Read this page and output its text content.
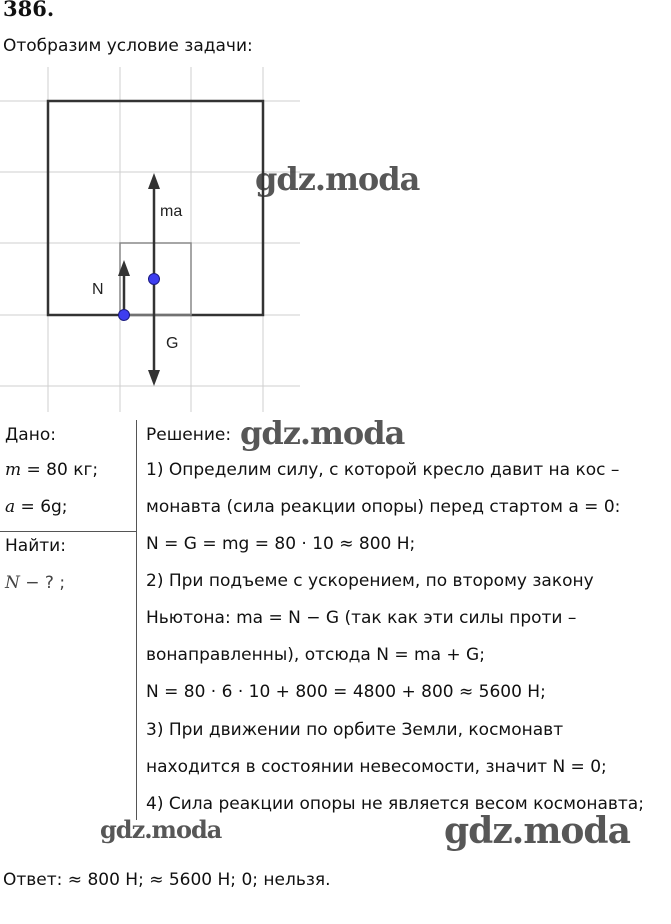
386.
Отобразим условие задачи:
ma
N
G
Дано:
m = 80 кг;
a = 6g;
Найти:
N − ? ;
Решение:
1) Определим силу, с которой кресло давит на кос –
монавта (сила реакции опоры) перед стартом a = 0:
N = G = mg = 80 · 10 ≈ 800 Н;
2) При подъеме с ускорением, по второму закону
Ньютона: ma = N − G (так как эти силы проти –
вонаправленны), отсюда N = ma + G;
N = 80 · 6 · 10 + 800 = 4800 + 800 ≈ 5600 Н;
3) При движении по орбите Земли, космонавт
находится в состоянии невесомости, значит N = 0;
4) Сила реакции опоры не является весом космонавта;
gdz.moda
gdz.moda
gdz.moda	gdz.moda
Ответ: ≈ 800 Н; ≈ 5600 Н; 0; нельзя.
